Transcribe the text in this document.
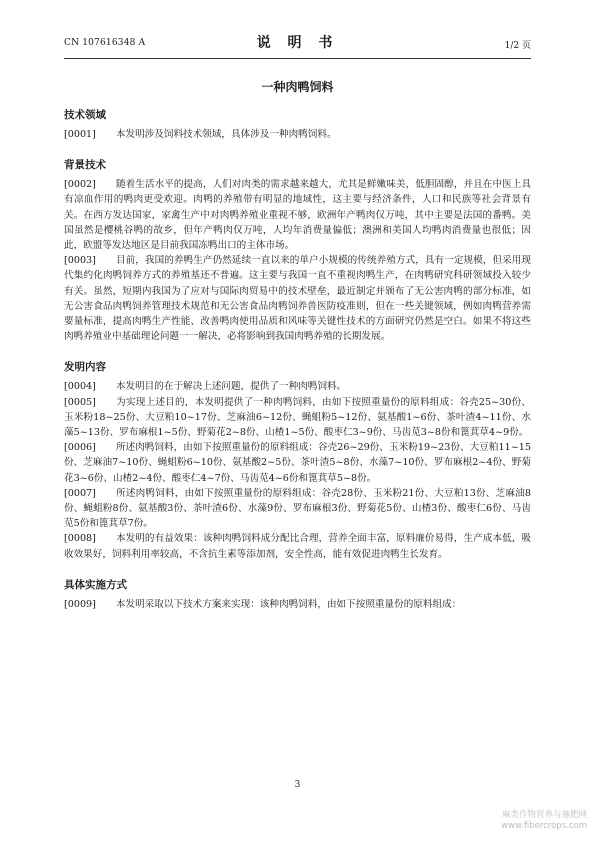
CN 107616348 A	说 明 书	1/2 页
一种肉鸭饲料
技术领域

[0001] 本发明涉及饲料技术领域，具体涉及一种肉鸭饲料。

背景技术

[0002] 随着生活水平的提高，人们对肉类的需求越来越大，尤其是鲜嫩味美，低胆固醇，并且在中医上具有凉血作用的鸭肉更受欢迎。肉鸭的养殖带有明显的地域性，这主要与经济条件，人口和民族等社会背景有关。在西方发达国家，家禽生产中对肉鸭养殖业重视不够，欧洲年产鸭肉仅万吨，其中主要是法国的番鸭。美国虽然是樱桃谷鸭的故乡，但年产鸭肉仅万吨，人均年消费量偏低；澳洲和美国人均鸭肉消费量也很低；因此，欧盟等发达地区是目前我国冻鸭出口的主体市场。

[0003] 目前，我国的养鸭生产仍然延续一直以来的单户小规模的传统养殖方式，具有一定规模，但采用现代集约化肉鸭饲养方式的养殖基还不普遍。这主要与我国一直不重视肉鸭生产，在肉鸭研究科研领域投入较少有关。虽然，短期内我国为了应对与国际肉贸易中的技术壁垒，最近制定并颁布了无公害肉鸭的部分标准，如无公害食品肉鸭饲养管理技术规范和无公害食品肉鸭饲养兽医防疫准则，但在一些关键领域，例如肉鸭营养需要量标准，提高肉鸭生产性能、改善鸭肉使用品质和风味等关键性技术的方面研究仍然是空白。如果不将这些肉鸭养殖业中基础理论问题一一解决，必将影响到我国肉鸭养殖的长期发展。

发明内容

[0004] 本发明目的在于解决上述问题，提供了一种肉鸭饲料。

[0005] 为实现上述目的，本发明提供了一种肉鸭饲料，由如下按照重量份的原料组成：谷壳25~30份、玉米粉18~25份、大豆粕10~17份、芝麻油6~12份、蝇蛆粉5~12份、氨基酸1~6份、茶叶渣4~11份、水藻5~13份、罗布麻根1~5份、野菊花2~8份、山楂1~5份、酸枣仁3~9份、马齿苋3~8份和篦萁草4~9份。

[0006] 所述肉鸭饲料，由如下按照重量份的原料组成：谷壳26~29份、玉米粉19~23份、大豆粕11~15份、芝麻油7~10份、蝇蛆粉6~10份、氨基酸2~5份、茶叶渣5~8份、水藻7~10份、罗布麻根2~4份、野菊花3~6份、山楂2~4份、酸枣仁4~7份、马齿苋4~6份和篦萁草5~8份。

[0007] 所述肉鸭饲料，由如下按照重量份的原料组成：谷壳28份、玉米粉21份、大豆粕13份、芝麻油8份、蝇蛆粉8份、氨基酸3份、茶叶渣6份、水藻9份、罗布麻根3份、野菊花5份、山楂3份、酸枣仁6份、马齿苋5份和篦萁草7份。

[0008] 本发明的有益效果：该种肉鸭饲料成分配比合理，营养全面丰富，原料廉价易得，生产成本低，吸收效果好，饲料利用率较高，不含抗生素等添加剂，安全性高，能有效促进肉鸭生长发育。

具体实施方式

[0009] 本发明采取以下技术方案来实现：该种肉鸭饲料，由如下按照重量份的原料组成：

3
麻类作物营养与施肥网
www.fibercrops.com
